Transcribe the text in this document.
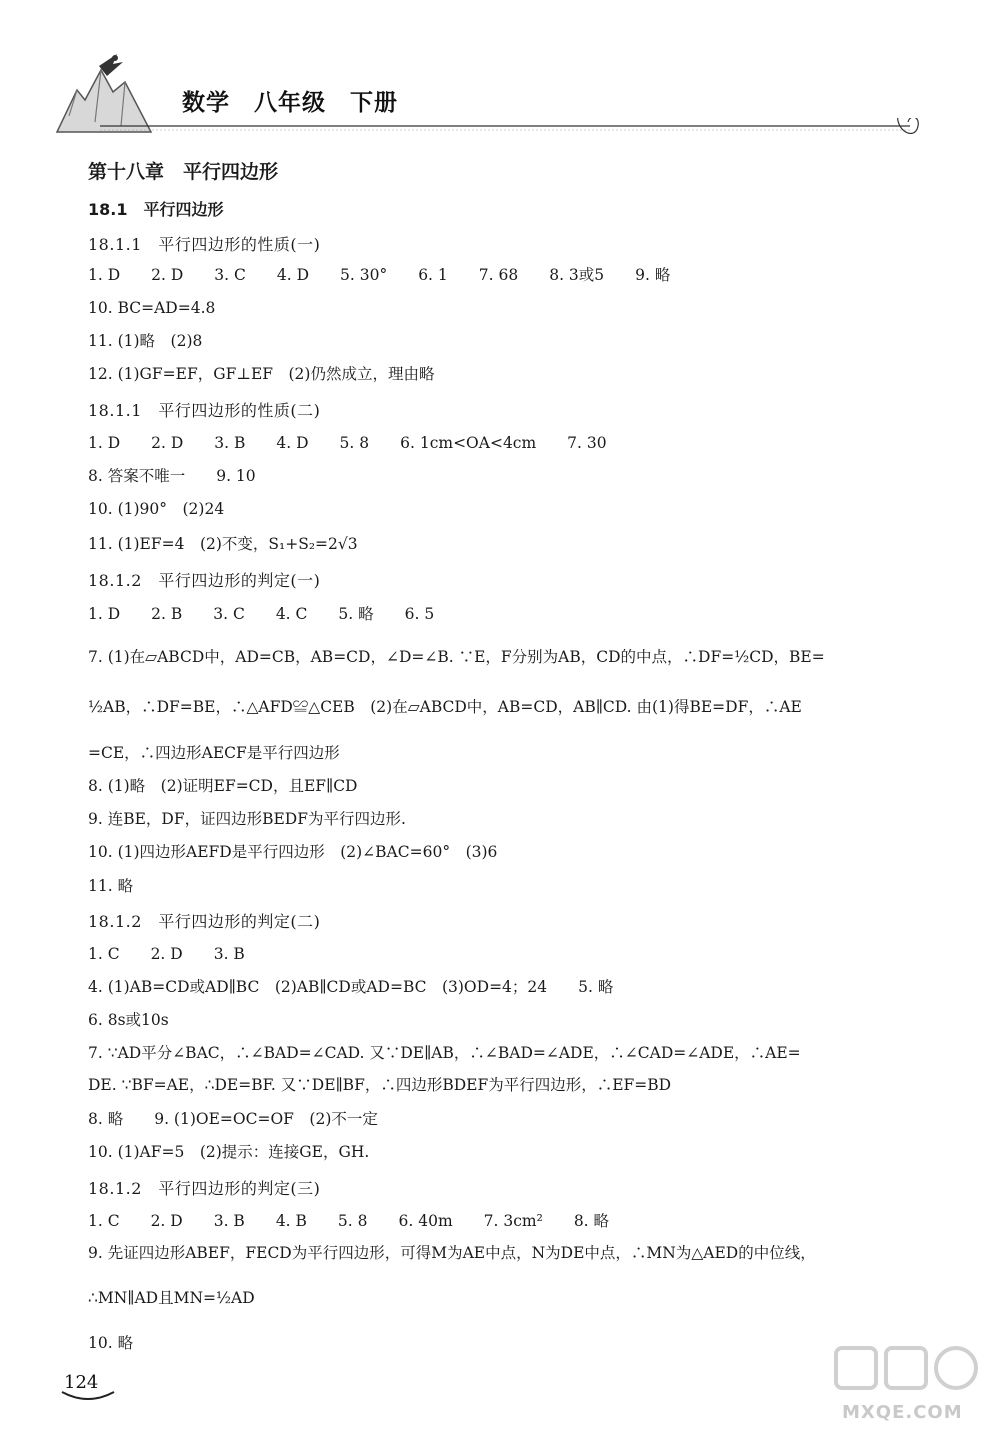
数学　八年级　下册
第十八章　平行四边形
18.1　平行四边形
18.1.1　平行四边形的性质(一)
1. D　　2. D　　3. C　　4. D　　5. 30°　　6. 1　　7. 68　　8. 3或5　　9. 略
10. BC=AD=4.8
11. (1)略　(2)8
12. (1)GF=EF，GF⊥EF　(2)仍然成立，理由略
18.1.1　平行四边形的性质(二)
1. D　　2. D　　3. B　　4. D　　5. 8　　6. 1cm<OA<4cm　　7. 30
8. 答案不唯一　　9. 10
10. (1)90°　(2)24
11. (1)EF=4　(2)不变，S₁+S₂=2√3
18.1.2　平行四边形的判定(一)
1. D　　2. B　　3. C　　4. C　　5. 略　　6. 5
7. (1)在▱ABCD中，AD=CB，AB=CD，∠D=∠B. ∵E，F分别为AB，CD的中点，∴DF=½CD，BE=
½AB，∴DF=BE，∴△AFD≌△CEB　(2)在▱ABCD中，AB=CD，AB∥CD. 由(1)得BE=DF，∴AE
=CE，∴四边形AECF是平行四边形
8. (1)略　(2)证明EF=CD，且EF∥CD
9. 连BE，DF，证四边形BEDF为平行四边形.
10. (1)四边形AEFD是平行四边形　(2)∠BAC=60°　(3)6
11. 略
18.1.2　平行四边形的判定(二)
1. C　　2. D　　3. B
4. (1)AB=CD或AD∥BC　(2)AB∥CD或AD=BC　(3)OD=4；24　　5. 略
6. 8s或10s
7. ∵AD平分∠BAC，∴∠BAD=∠CAD. 又∵DE∥AB，∴∠BAD=∠ADE，∴∠CAD=∠ADE，∴AE=
DE. ∵BF=AE，∴DE=BF. 又∵DE∥BF，∴四边形BDEF为平行四边形，∴EF=BD
8. 略　　9. (1)OE=OC=OF　(2)不一定
10. (1)AF=5　(2)提示：连接GE，GH.
18.1.2　平行四边形的判定(三)
1. C　　2. D　　3. B　　4. B　　5. 8　　6. 40m　　7. 3cm²　　8. 略
9. 先证四边形ABEF，FECD为平行四边形，可得M为AE中点，N为DE中点，∴MN为△AED的中位线，
∴MN∥AD且MN=½AD
10. 略
124
MXQE.COM
